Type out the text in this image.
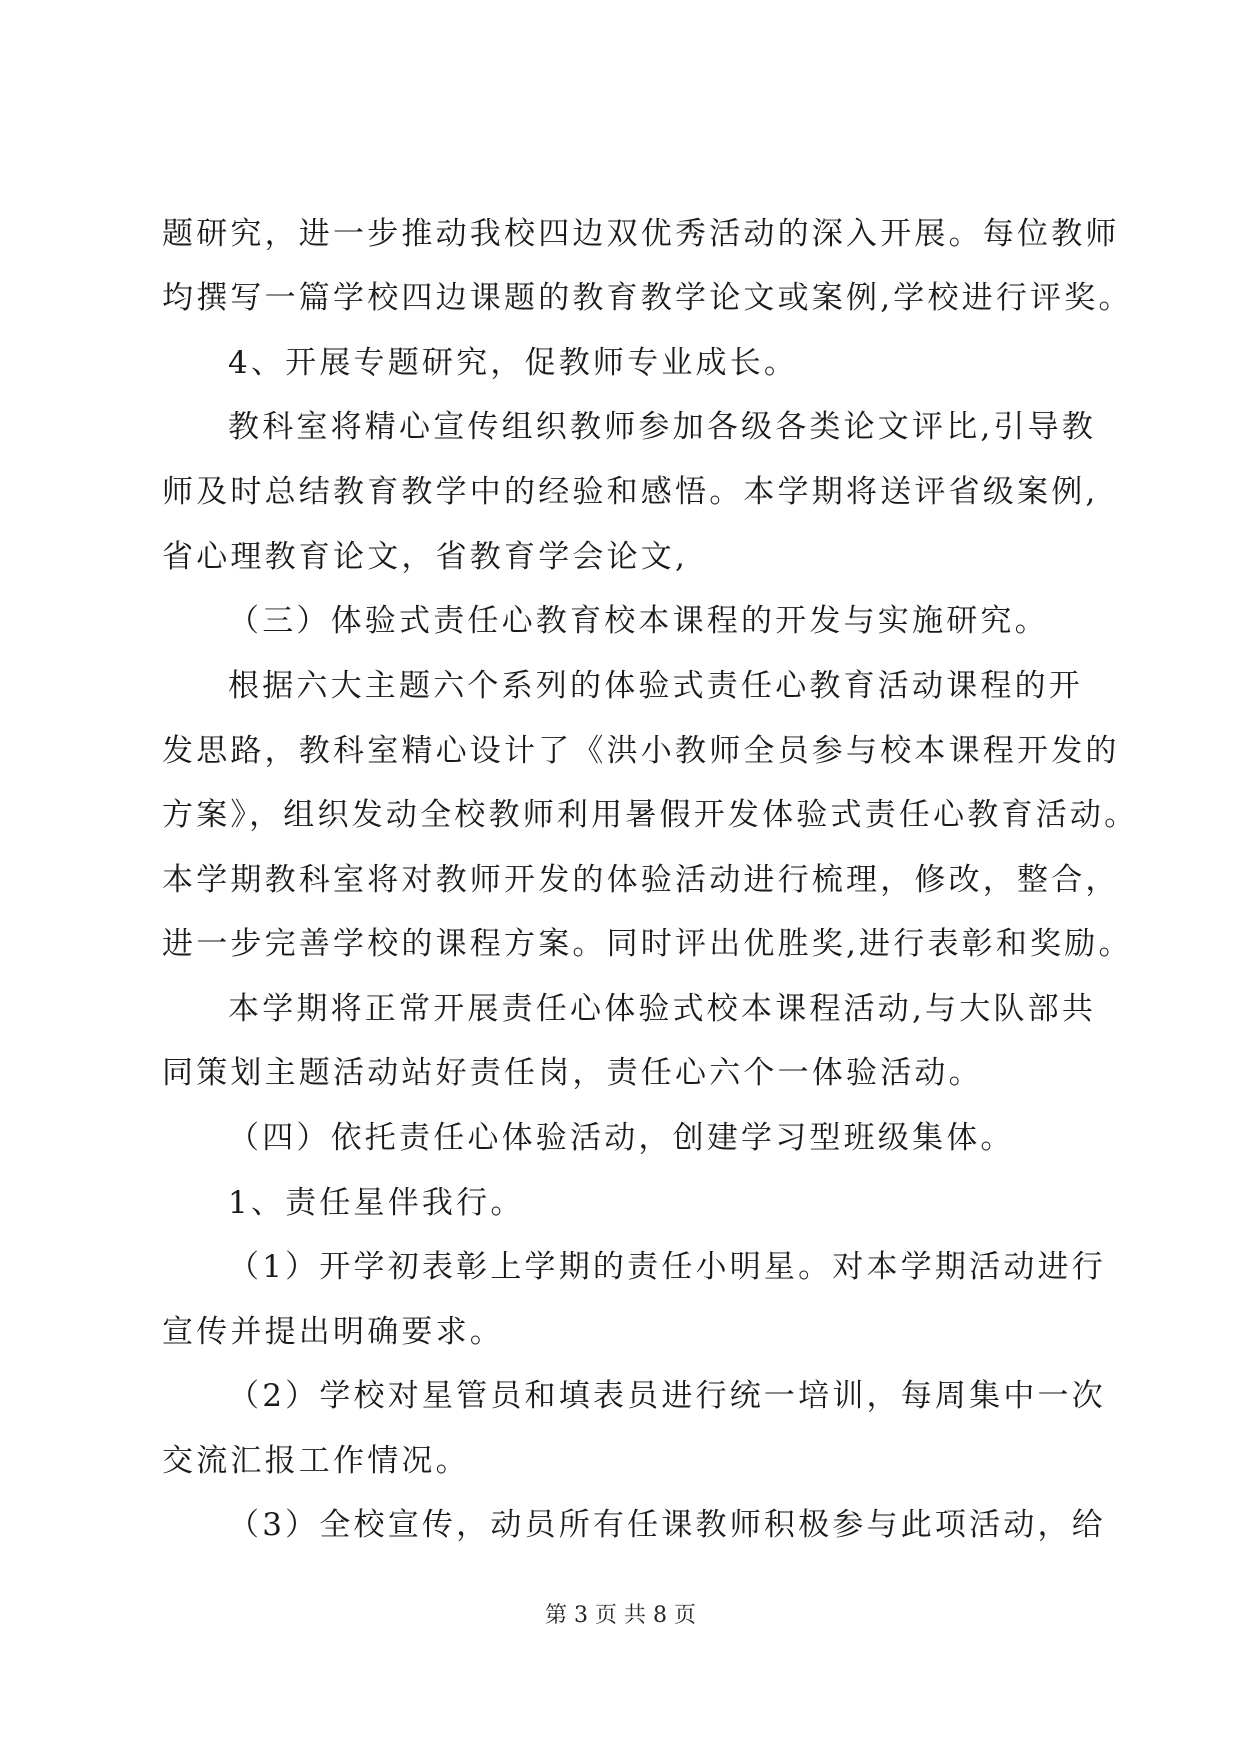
题研究，进一步推动我校四边双优秀活动的深入开展。每位教师
均撰写一篇学校四边课题的教育教学论文或案例,学校进行评奖。
4、开展专题研究，促教师专业成长。
教科室将精心宣传组织教师参加各级各类论文评比,引导教
师及时总结教育教学中的经验和感悟。本学期将送评省级案例,
省心理教育论文，省教育学会论文,
（三）体验式责任心教育校本课程的开发与实施研究。
根据六大主题六个系列的体验式责任心教育活动课程的开
发思路，教科室精心设计了《洪小教师全员参与校本课程开发的
方案》，组织发动全校教师利用暑假开发体验式责任心教育活动。
本学期教科室将对教师开发的体验活动进行梳理，修改，整合，
进一步完善学校的课程方案。同时评出优胜奖,进行表彰和奖励。
本学期将正常开展责任心体验式校本课程活动,与大队部共
同策划主题活动站好责任岗，责任心六个一体验活动。
（四）依托责任心体验活动，创建学习型班级集体。
1、责任星伴我行。
（1）开学初表彰上学期的责任小明星。对本学期活动进行
宣传并提出明确要求。
（2）学校对星管员和填表员进行统一培训，每周集中一次
交流汇报工作情况。
（3）全校宣传，动员所有任课教师积极参与此项活动，给
第 3 页 共 8 页
